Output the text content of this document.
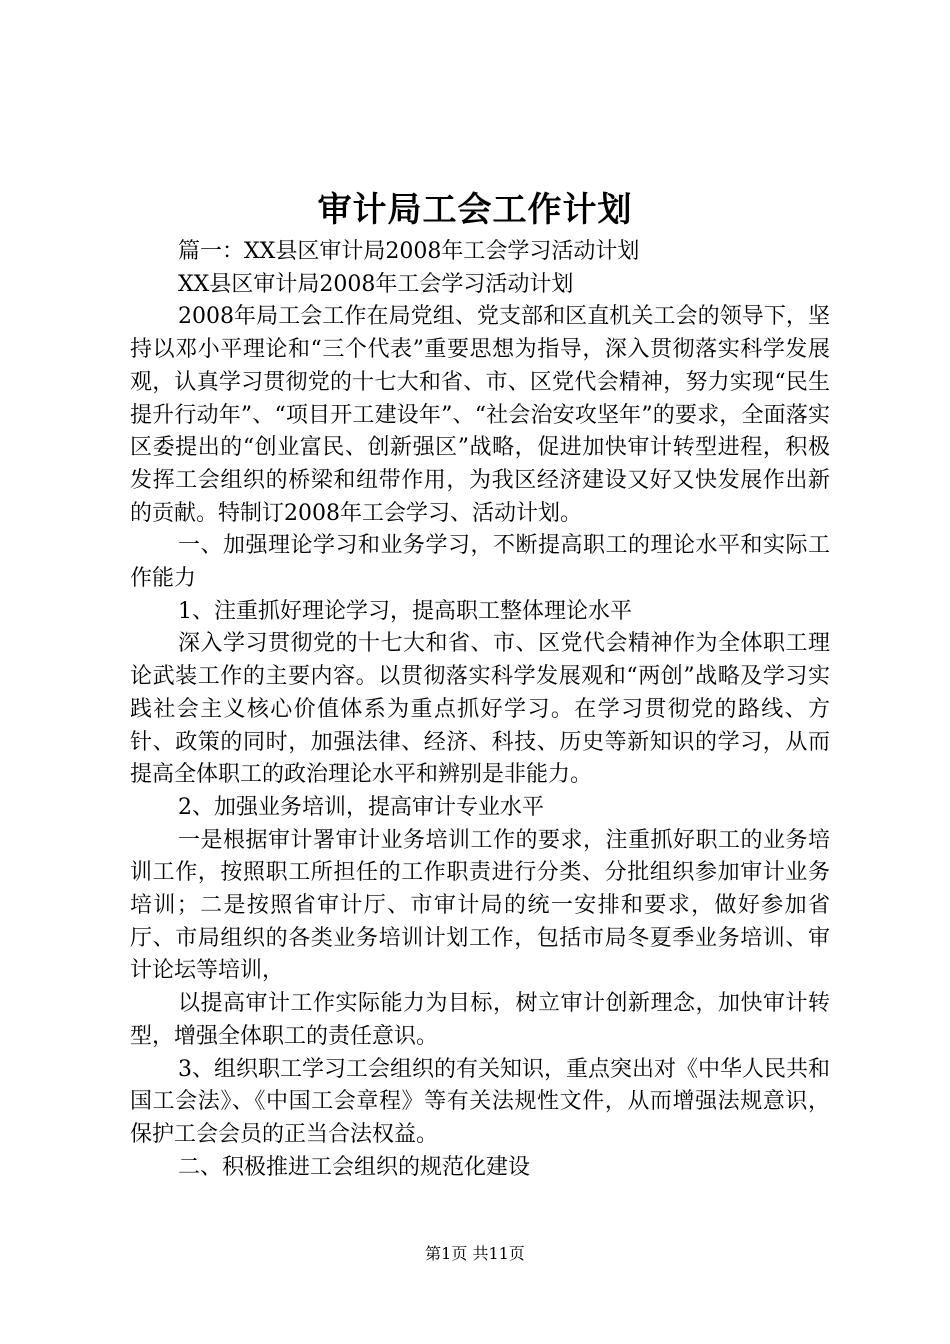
审计局工会工作计划

篇一：XX县区审计局2008年工会学习活动计划

XX县区审计局2008年工会学习活动计划

2008年局工会工作在局党组、党支部和区直机关工会的领导下，坚持以邓小平理论和“三个代表”重要思想为指导，深入贯彻落实科学发展观，认真学习贯彻党的十七大和省、市、区党代会精神，努力实现“民生提升行动年”、“项目开工建设年”、“社会治安攻坚年”的要求，全面落实区委提出的“创业富民、创新强区”战略，促进加快审计转型进程，积极发挥工会组织的桥梁和纽带作用，为我区经济建设又好又快发展作出新的贡献。特制订2008年工会学习、活动计划。

一、加强理论学习和业务学习，不断提高职工的理论水平和实际工作能力

1、注重抓好理论学习，提高职工整体理论水平

深入学习贯彻党的十七大和省、市、区党代会精神作为全体职工理论武装工作的主要内容。以贯彻落实科学发展观和“两创”战略及学习实践社会主义核心价值体系为重点抓好学习。在学习贯彻党的路线、方针、政策的同时，加强法律、经济、科技、历史等新知识的学习，从而提高全体职工的政治理论水平和辨别是非能力。

2、加强业务培训，提高审计专业水平

一是根据审计署审计业务培训工作的要求，注重抓好职工的业务培训工作，按照职工所担任的工作职责进行分类、分批组织参加审计业务培训；二是按照省审计厅、市审计局的统一安排和要求，做好参加省厅、市局组织的各类业务培训计划工作，包括市局冬夏季业务培训、审计论坛等培训，

以提高审计工作实际能力为目标，树立审计创新理念，加快审计转型，增强全体职工的责任意识。

3、组织职工学习工会组织的有关知识，重点突出对《中华人民共和国工会法》、《中国工会章程》等有关法规性文件，从而增强法规意识，保护工会会员的正当合法权益。

二、积极推进工会组织的规范化建设

第1页 共11页
